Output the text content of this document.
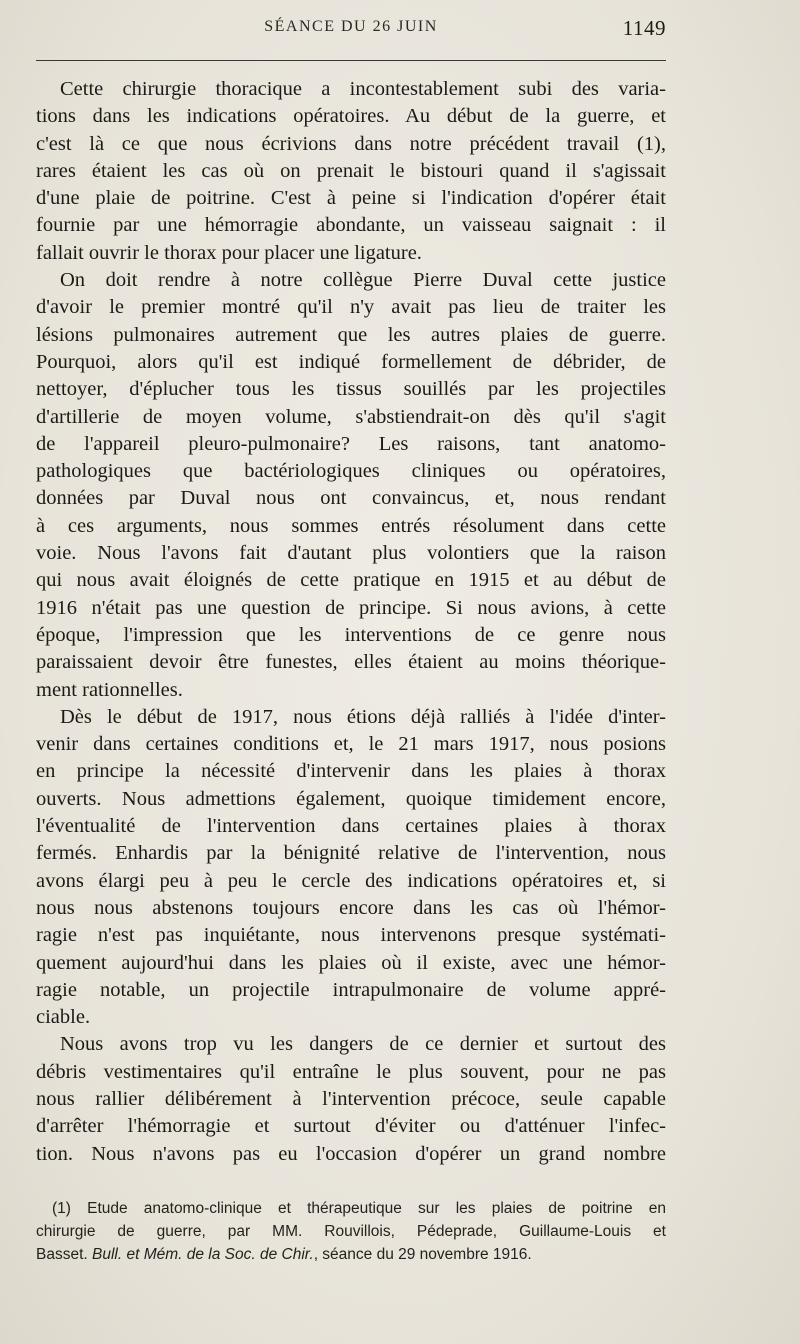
SÉANCE DU 26 JUIN	1149
Cette chirurgie thoracique a incontestablement subi des varia-
tions dans les indications opératoires. Au début de la guerre, et
c'est là ce que nous écrivions dans notre précédent travail (1),
rares étaient les cas où on prenait le bistouri quand il s'agissait
d'une plaie de poitrine. C'est à peine si l'indication d'opérer était
fournie par une hémorragie abondante, un vaisseau saignait : il
fallait ouvrir le thorax pour placer une ligature.
On doit rendre à notre collègue Pierre Duval cette justice
d'avoir le premier montré qu'il n'y avait pas lieu de traiter les
lésions pulmonaires autrement que les autres plaies de guerre.
Pourquoi, alors qu'il est indiqué formellement de débrider, de
nettoyer, d'éplucher tous les tissus souillés par les projectiles
d'artillerie de moyen volume, s'abstiendrait-on dès qu'il s'agit
de l'appareil pleuro-pulmonaire? Les raisons, tant anatomo-
pathologiques que bactériologiques cliniques ou opératoires,
données par Duval nous ont convaincus, et, nous rendant
à ces arguments, nous sommes entrés résolument dans cette
voie. Nous l'avons fait d'autant plus volontiers que la raison
qui nous avait éloignés de cette pratique en 1915 et au début de
1916 n'était pas une question de principe. Si nous avions, à cette
époque, l'impression que les interventions de ce genre nous
paraissaient devoir être funestes, elles étaient au moins théorique-
ment rationnelles.
Dès le début de 1917, nous étions déjà ralliés à l'idée d'inter-
venir dans certaines conditions et, le 21 mars 1917, nous posions
en principe la nécessité d'intervenir dans les plaies à thorax
ouverts. Nous admettions également, quoique timidement encore,
l'éventualité de l'intervention dans certaines plaies à thorax
fermés. Enhardis par la bénignité relative de l'intervention, nous
avons élargi peu à peu le cercle des indications opératoires et, si
nous nous abstenons toujours encore dans les cas où l'hémor-
ragie n'est pas inquiétante, nous intervenons presque systémati-
quement aujourd'hui dans les plaies où il existe, avec une hémor-
ragie notable, un projectile intrapulmonaire de volume appré-
ciable.
Nous avons trop vu les dangers de ce dernier et surtout des
débris vestimentaires qu'il entraîne le plus souvent, pour ne pas
nous rallier délibérement à l'intervention précoce, seule capable
d'arrêter l'hémorragie et surtout d'éviter ou d'atténuer l'infec-
tion. Nous n'avons pas eu l'occasion d'opérer un grand nombre
(1) Etude anatomo-clinique et thérapeutique sur les plaies de poitrine en
chirurgie de guerre, par MM. Rouvillois, Pédeprade, Guillaume-Louis et
Basset. Bull. et Mém. de la Soc. de Chir., séance du 29 novembre 1916.
